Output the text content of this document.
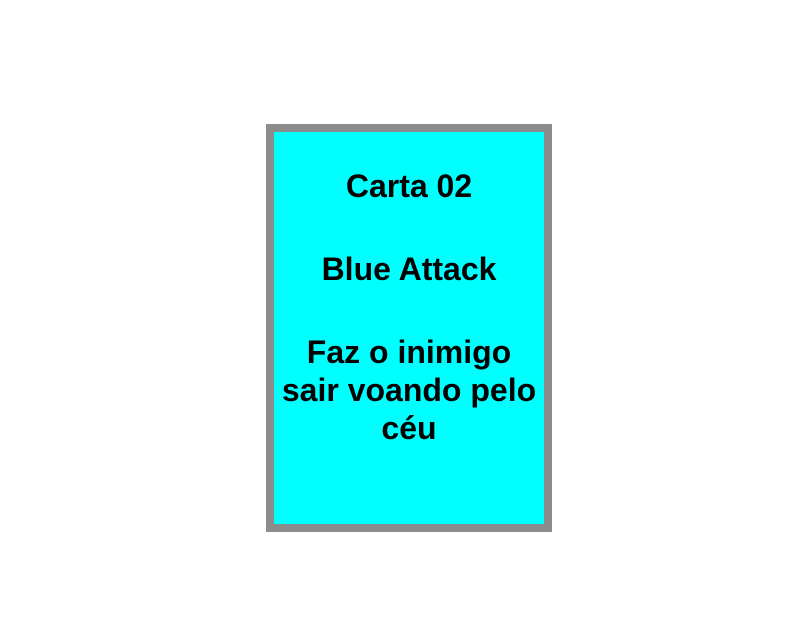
Carta 02
Blue Attack
Faz o inimigo sair voando pelo céu
